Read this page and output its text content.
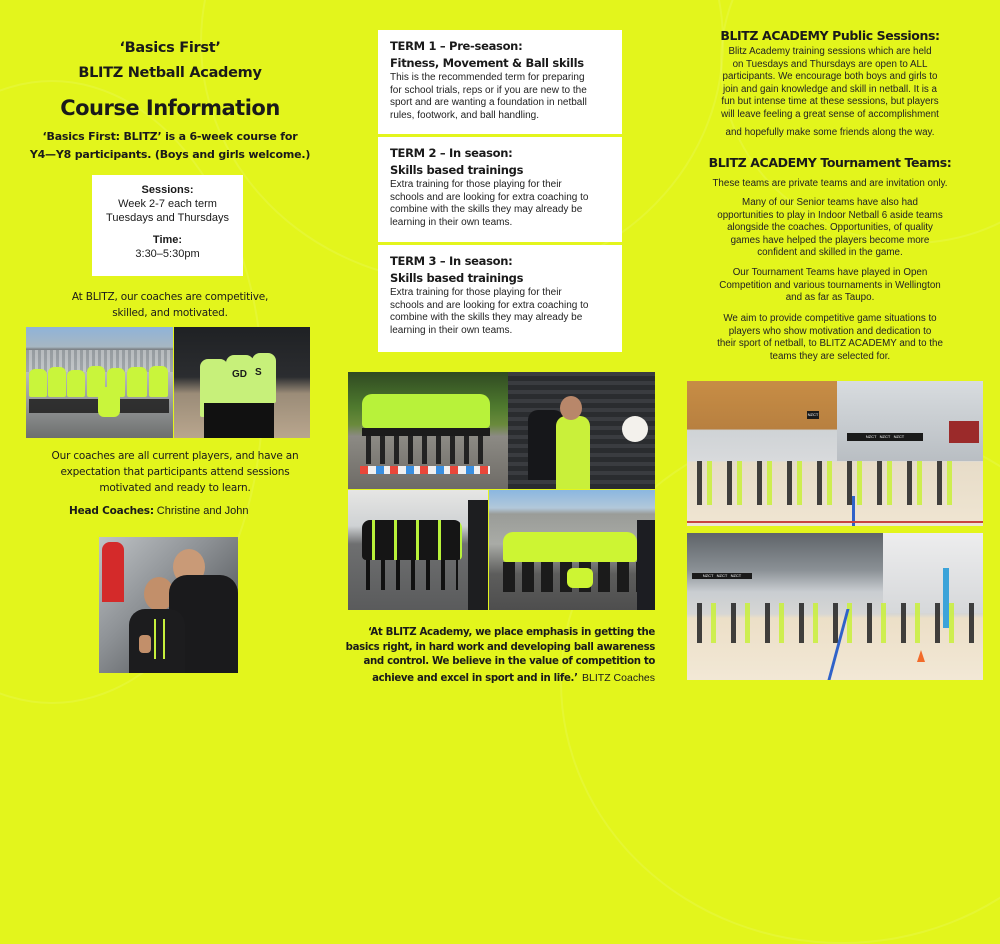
‘Basics First’
BLITZ Netball Academy
Course Information
‘Basics First: BLITZ’ is a 6-week course for
Y4—Y8 participants. (Boys and girls welcome.)
Sessions:
Week 2-7 each term
Tuesdays and Thursdays
Time:
3:30–5:30pm
At BLITZ, our coaches are competitive,
skilled, and motivated.
GD S
Our coaches are all current players, and have an
expectation that participants attend sessions
motivated and ready to learn.
Head Coaches: Christine and John
TERM 1 – Pre-season:
Fitness, Movement & Ball skills
This is the recommended term for preparing
for school trials, reps or if you are new to the
sport and are wanting a foundation in netball
rules, footwork, and ball handling.
TERM 2 – In season:
Skills based trainings
Extra training for those playing for their
schools and are looking for extra coaching to
combine with the skills they may already be
learning in their own teams.
TERM 3 – In season:
Skills based trainings
Extra training for those playing for their
schools and are looking for extra coaching to
combine with the skills they may already be
learning in their own teams.
‘At BLITZ Academy, we place emphasis in getting the
basics right, in hard work and developing ball awareness
and control. We believe in the value of competition to
achieve and excel in sport and in life.’ BLITZ Coaches
BLITZ ACADEMY Public Sessions:
Blitz Academy training sessions which are held
on Tuesdays and Thursdays are open to ALL
participants. We encourage both boys and girls to
join and gain knowledge and skill in netball. It is a
fun but intense time at these sessions, but players
will leave feeling a great sense of accomplishment
and hopefully make some friends along the way.
BLITZ ACADEMY Tournament Teams:
These teams are private teams and are invitation only.
Many of our Senior teams have also had
opportunities to play in Indoor Netball 6 aside teams
alongside the coaches. Opportunities, of quality
games have helped the players become more
confident and skilled in the game.
Our Tournament Teams have played in Open
Competition and various tournaments in Wellington
and as far as Taupo.
We aim to provide competitive game situations to
players who show motivation and dedication to
their sport of netball, to BLITZ ACADEMY and to the
teams they are selected for.
NZCT
NZCT   NZCT   NZCT
NZCT   NZCT   NZCT
